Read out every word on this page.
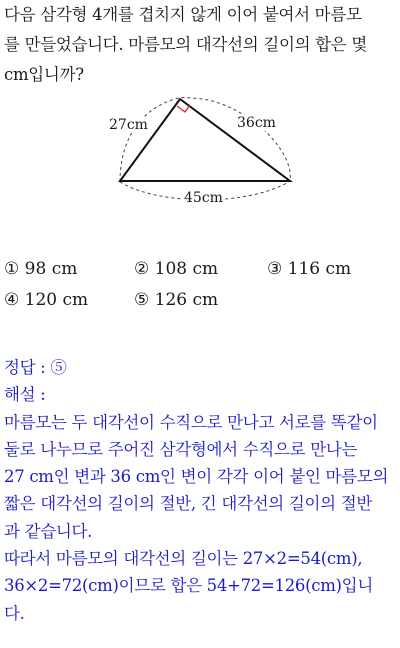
다음 삼각형 4개를 겹치지 않게 이어 붙여서 마름모
를 만들었습니다. 마름모의 대각선의 길이의 합은 몇
cm입니까?
27cm	36cm
45cm
① 98 cm	② 108 cm	③ 116 cm
④ 120 cm	⑤ 126 cm
정답 : ⑤
해설 :
마름모는 두 대각선이 수직으로 만나고 서로를 똑같이
둘로 나누므로 주어진 삼각형에서 수직으로 만나는
27 cm인 변과 36 cm인 변이 각각 이어 붙인 마름모의
짧은 대각선의 길이의 절반, 긴 대각선의 길이의 절반
과 같습니다.
따라서 마름모의 대각선의 길이는 27×2=54(cm),
36×2=72(cm)이므로 합은 54+72=126(cm)입니
다.
